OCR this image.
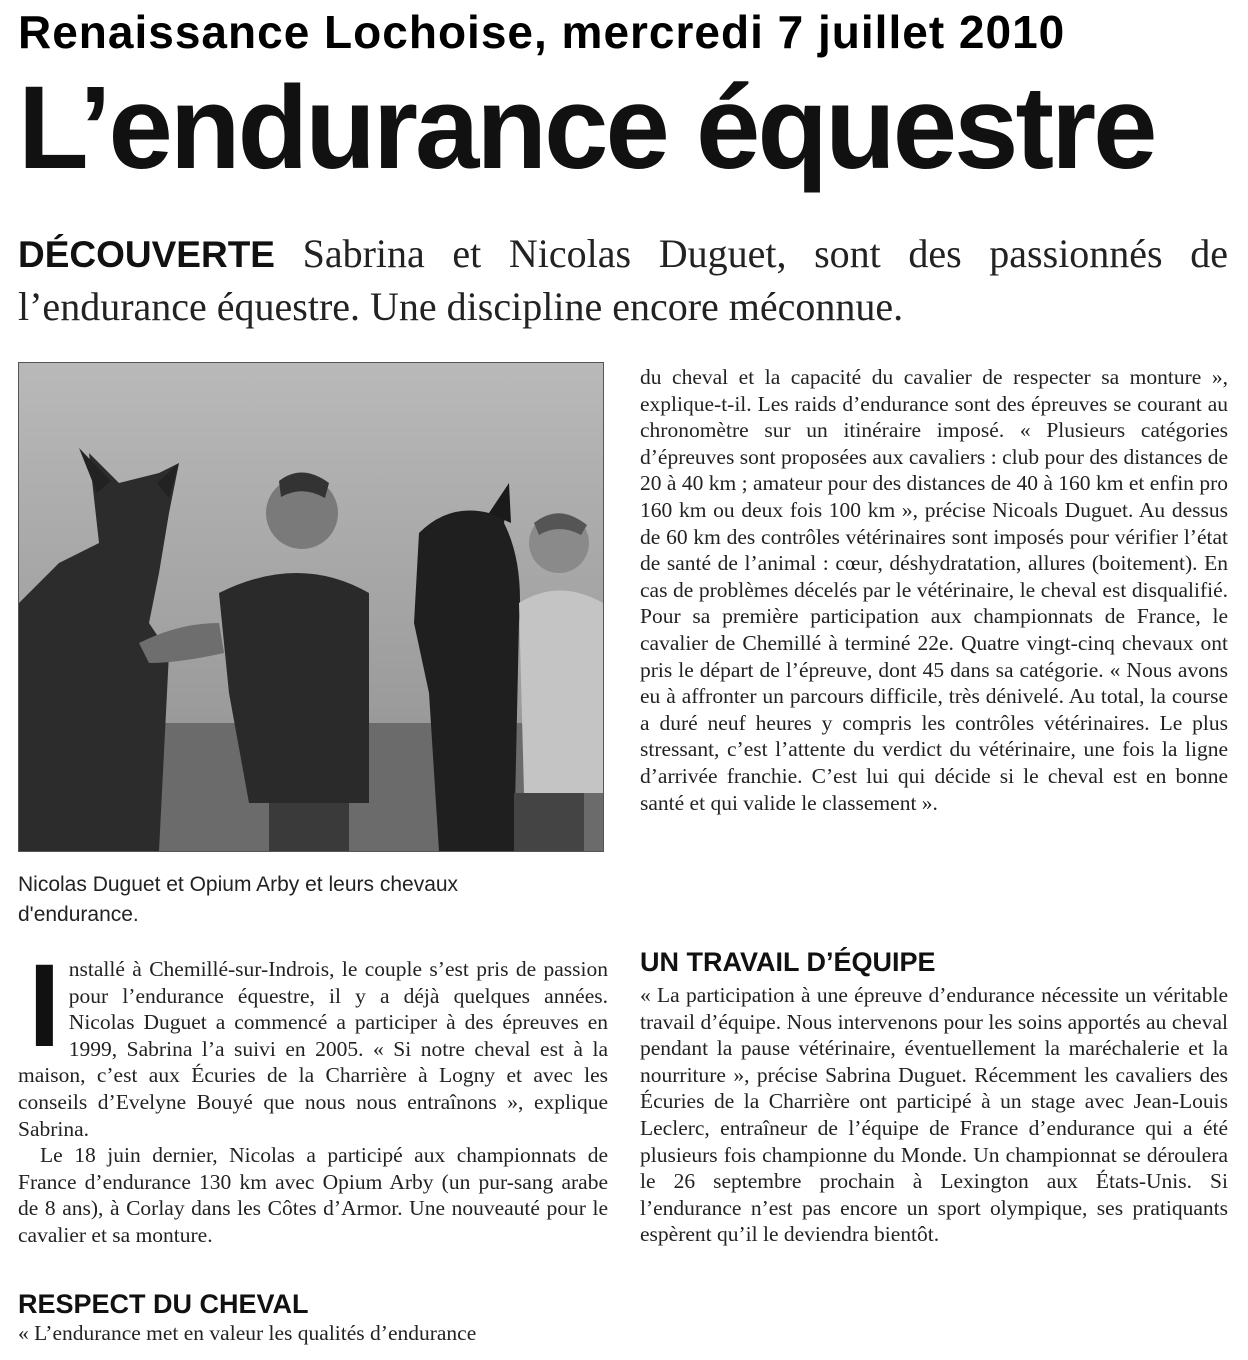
Renaissance Lochoise, mercredi 7 juillet 2010
L’endurance équestre
DÉCOUVERTE Sabrina et Nicolas Duguet, sont des passionnés de l’endurance équestre. Une discipline encore méconnue.
Nicolas Duguet et Opium Arby et leurs chevaux d'endurance.

Installé à Chemillé-sur-Indrois, le couple s’est pris de passion pour l’endurance équestre, il y a déjà quelques années. Nicolas Duguet a commencé a participer à des épreuves en 1999, Sabrina l’a suivi en 2005. « Si notre cheval est à la maison, c’est aux Écuries de la Charrière à Logny et avec les conseils d’Evelyne Bouyé que nous nous entraînons », explique Sabrina.

Le 18 juin dernier, Nicolas a participé aux championnats de France d’endurance 130 km avec Opium Arby (un pur-sang arabe de 8 ans), à Corlay dans les Côtes d’Armor. Une nouveauté pour le cavalier et sa monture.

RESPECT DU CHEVAL

« L’endurance met en valeur les qualités d’endurance

du cheval et la capacité du cavalier de respecter sa monture », explique-t-il. Les raids d’endurance sont des épreuves se courant au chronomètre sur un itinéraire imposé. « Plusieurs catégories d’épreuves sont proposées aux cavaliers : club pour des distances de 20 à 40 km ; amateur pour des distances de 40 à 160 km et enfin pro 160 km ou deux fois 100 km », précise Nicoals Duguet. Au dessus de 60 km des contrôles vétérinaires sont imposés pour vérifier l’état de santé de l’animal : cœur, déshydratation, allures (boitement). En cas de problèmes décelés par le vétérinaire, le cheval est disqualifié. Pour sa première participation aux championnats de France, le cavalier de Chemillé à terminé 22e. Quatre vingt-cinq chevaux ont pris le départ de l’épreuve, dont 45 dans sa catégorie. « Nous avons eu à affronter un parcours difficile, très dénivelé. Au total, la course a duré neuf heures y compris les contrôles vétérinaires. Le plus stressant, c’est l’attente du verdict du vétérinaire, une fois la ligne d’arrivée franchie. C’est lui qui décide si le cheval est en bonne santé et qui valide le classement ».

UN TRAVAIL D’ÉQUIPE

« La participation à une épreuve d’endurance nécessite un véritable travail d’équipe. Nous intervenons pour les soins apportés au cheval pendant la pause vétérinaire, éventuellement la maréchalerie et la nourriture », précise Sabrina Duguet. Récemment les cavaliers des Écuries de la Charrière ont participé à un stage avec Jean-Louis Leclerc, entraîneur de l’équipe de France d’endurance qui a été plusieurs fois championne du Monde. Un championnat se déroulera le 26 septembre prochain à Lexington aux États-Unis. Si l’endurance n’est pas encore un sport olympique, ses pratiquants espèrent qu’il le deviendra bientôt.
